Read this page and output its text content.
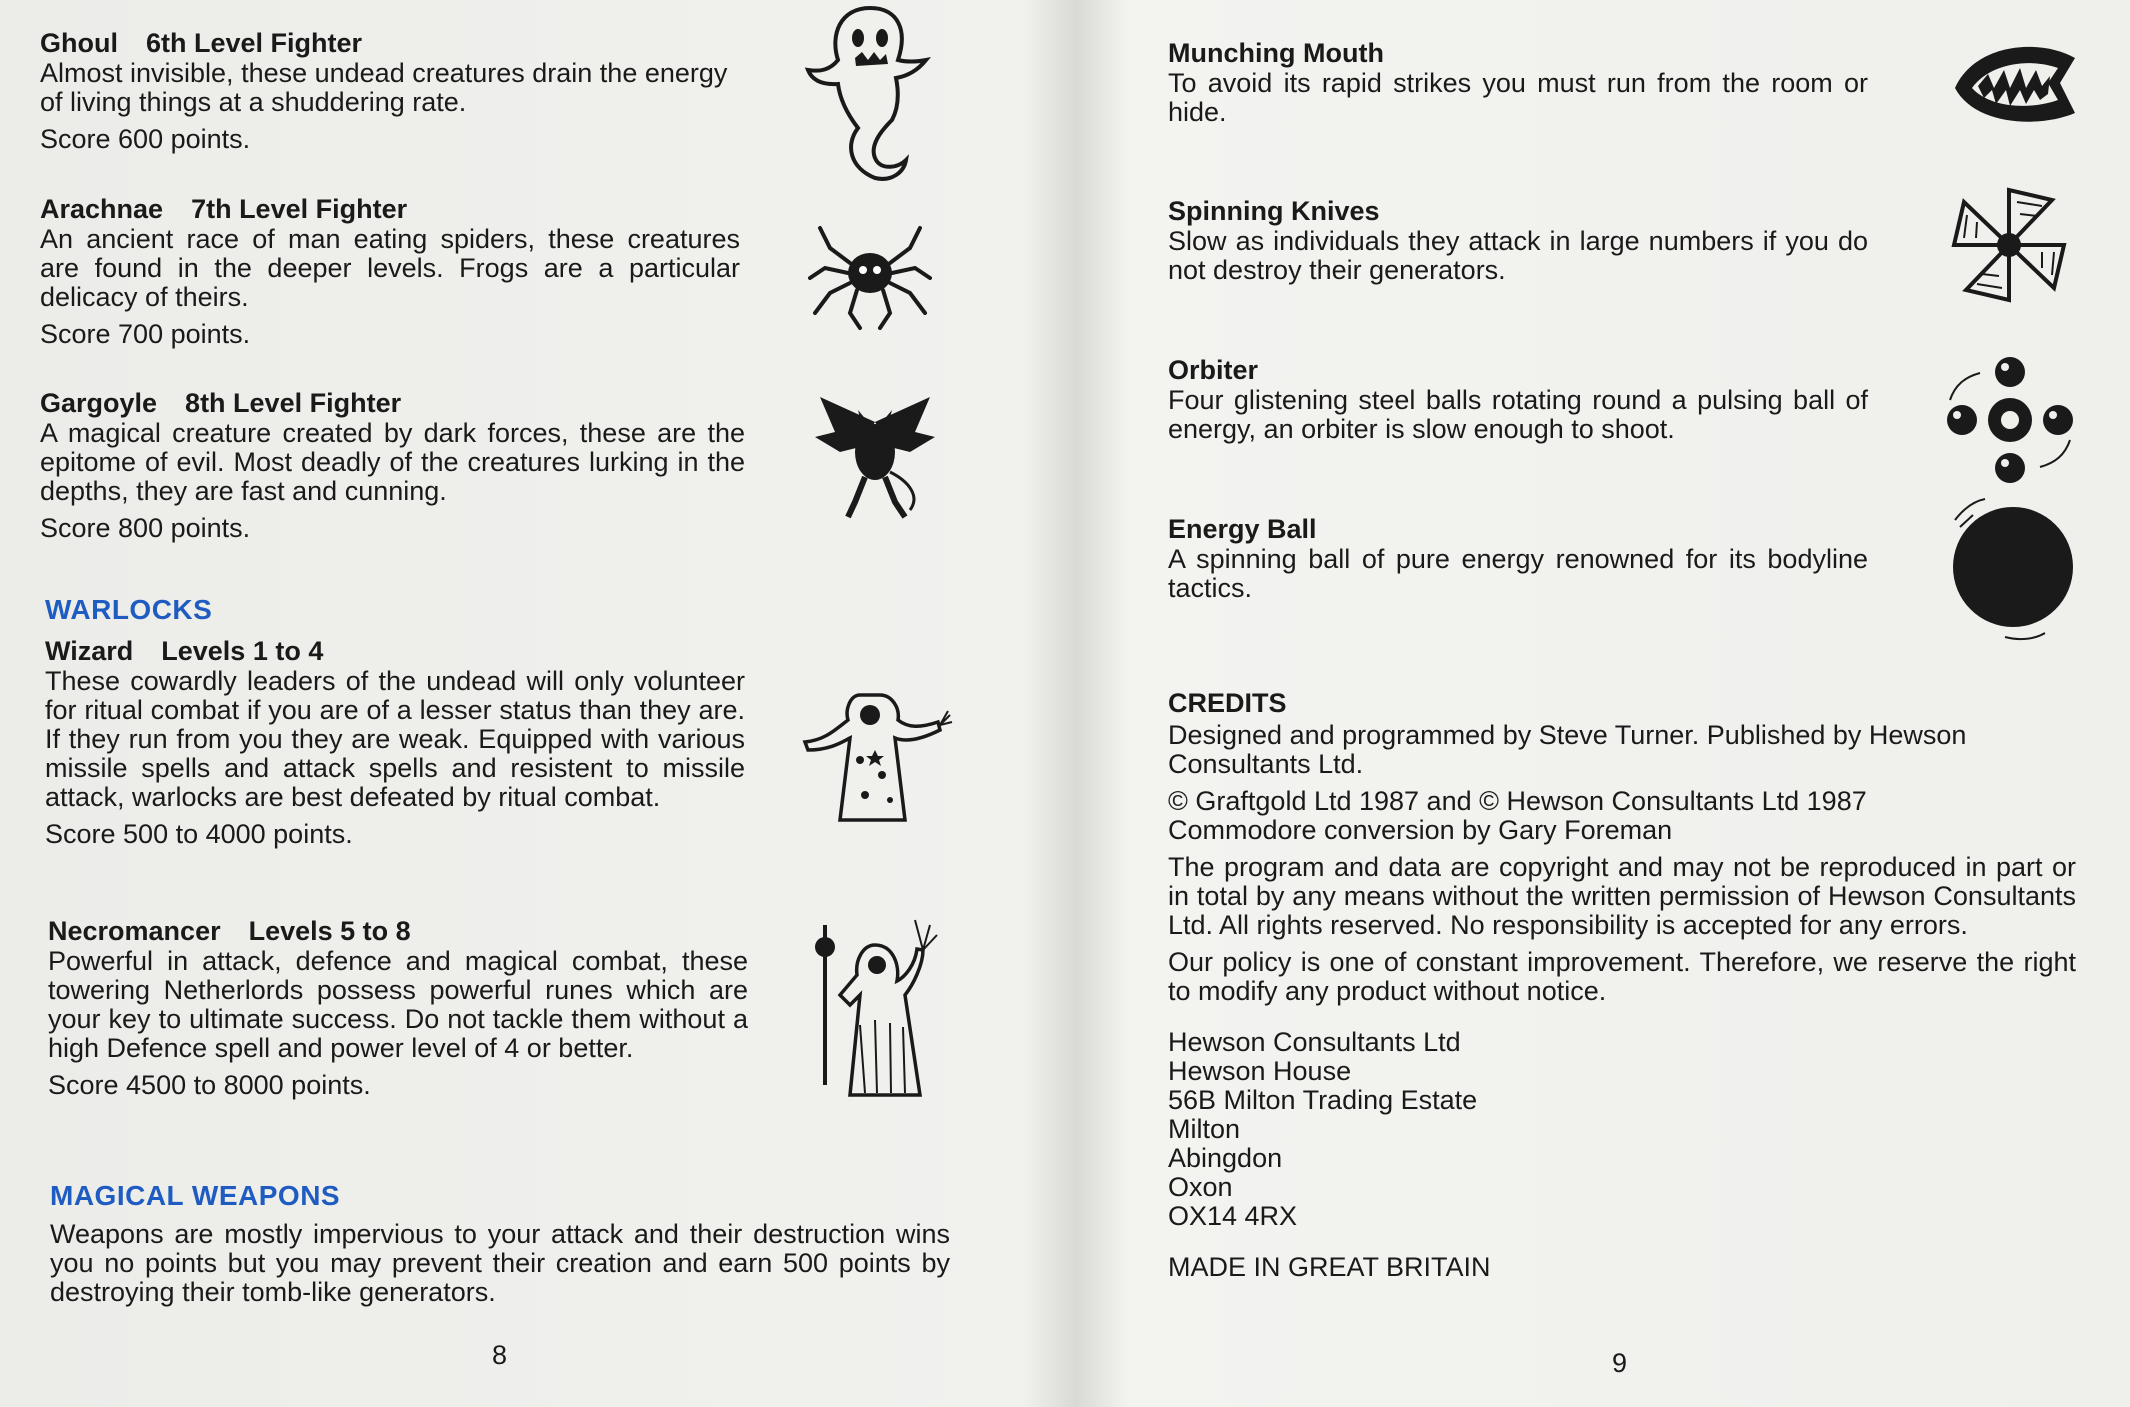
Ghoul 6th Level Fighter

Almost invisible, these undead creatures drain the energy of living things at a shuddering rate.

Score 600 points.

Arachnae 7th Level Fighter

An ancient race of man eating spiders, these creatures are found in the deeper levels. Frogs are a particular delicacy of theirs.

Score 700 points.

Gargoyle 8th Level Fighter

A magical creature created by dark forces, these are the epitome of evil. Most deadly of the creatures lurking in the depths, they are fast and cunning.

Score 800 points.
WARLOCKS

Wizard Levels 1 to 4

These cowardly leaders of the undead will only volunteer for ritual combat if you are of a lesser status than they are. If they run from you they are weak. Equipped with various missile spells and attack spells and resistent to missile attack, warlocks are best defeated by ritual combat.

Score 500 to 4000 points.

Necromancer Levels 5 to 8

Powerful in attack, defence and magical combat, these towering Netherlords possess powerful runes which are your key to ultimate success. Do not tackle them without a high Defence spell and power level of 4 or better.

Score 4500 to 8000 points.
MAGICAL WEAPONS

Weapons are mostly impervious to your attack and their destruction wins you no points but you may prevent their creation and earn 500 points by destroying their tomb-like generators.

8

Munching Mouth

To avoid its rapid strikes you must run from the room or hide.

Spinning Knives

Slow as individuals they attack in large numbers if you do not destroy their generators.

Orbiter

Four glistening steel balls rotating round a pulsing ball of energy, an orbiter is slow enough to shoot.

Energy Ball

A spinning ball of pure energy renowned for its bodyline tactics.

CREDITS

Designed and programmed by Steve Turner. Published by Hewson Consultants Ltd.

© Graftgold Ltd 1987 and © Hewson Consultants Ltd 1987

Commodore conversion by Gary Foreman

The program and data are copyright and may not be reproduced in part or in total by any means without the written permission of Hewson Consultants Ltd. All rights reserved. No responsibility is accepted for any errors.

Our policy is one of constant improvement. Therefore, we reserve the right to modify any product without notice.

Hewson Consultants Ltd

Hewson House

56B Milton Trading Estate

Milton

Abingdon

Oxon

OX14 4RX

MADE IN GREAT BRITAIN

9
